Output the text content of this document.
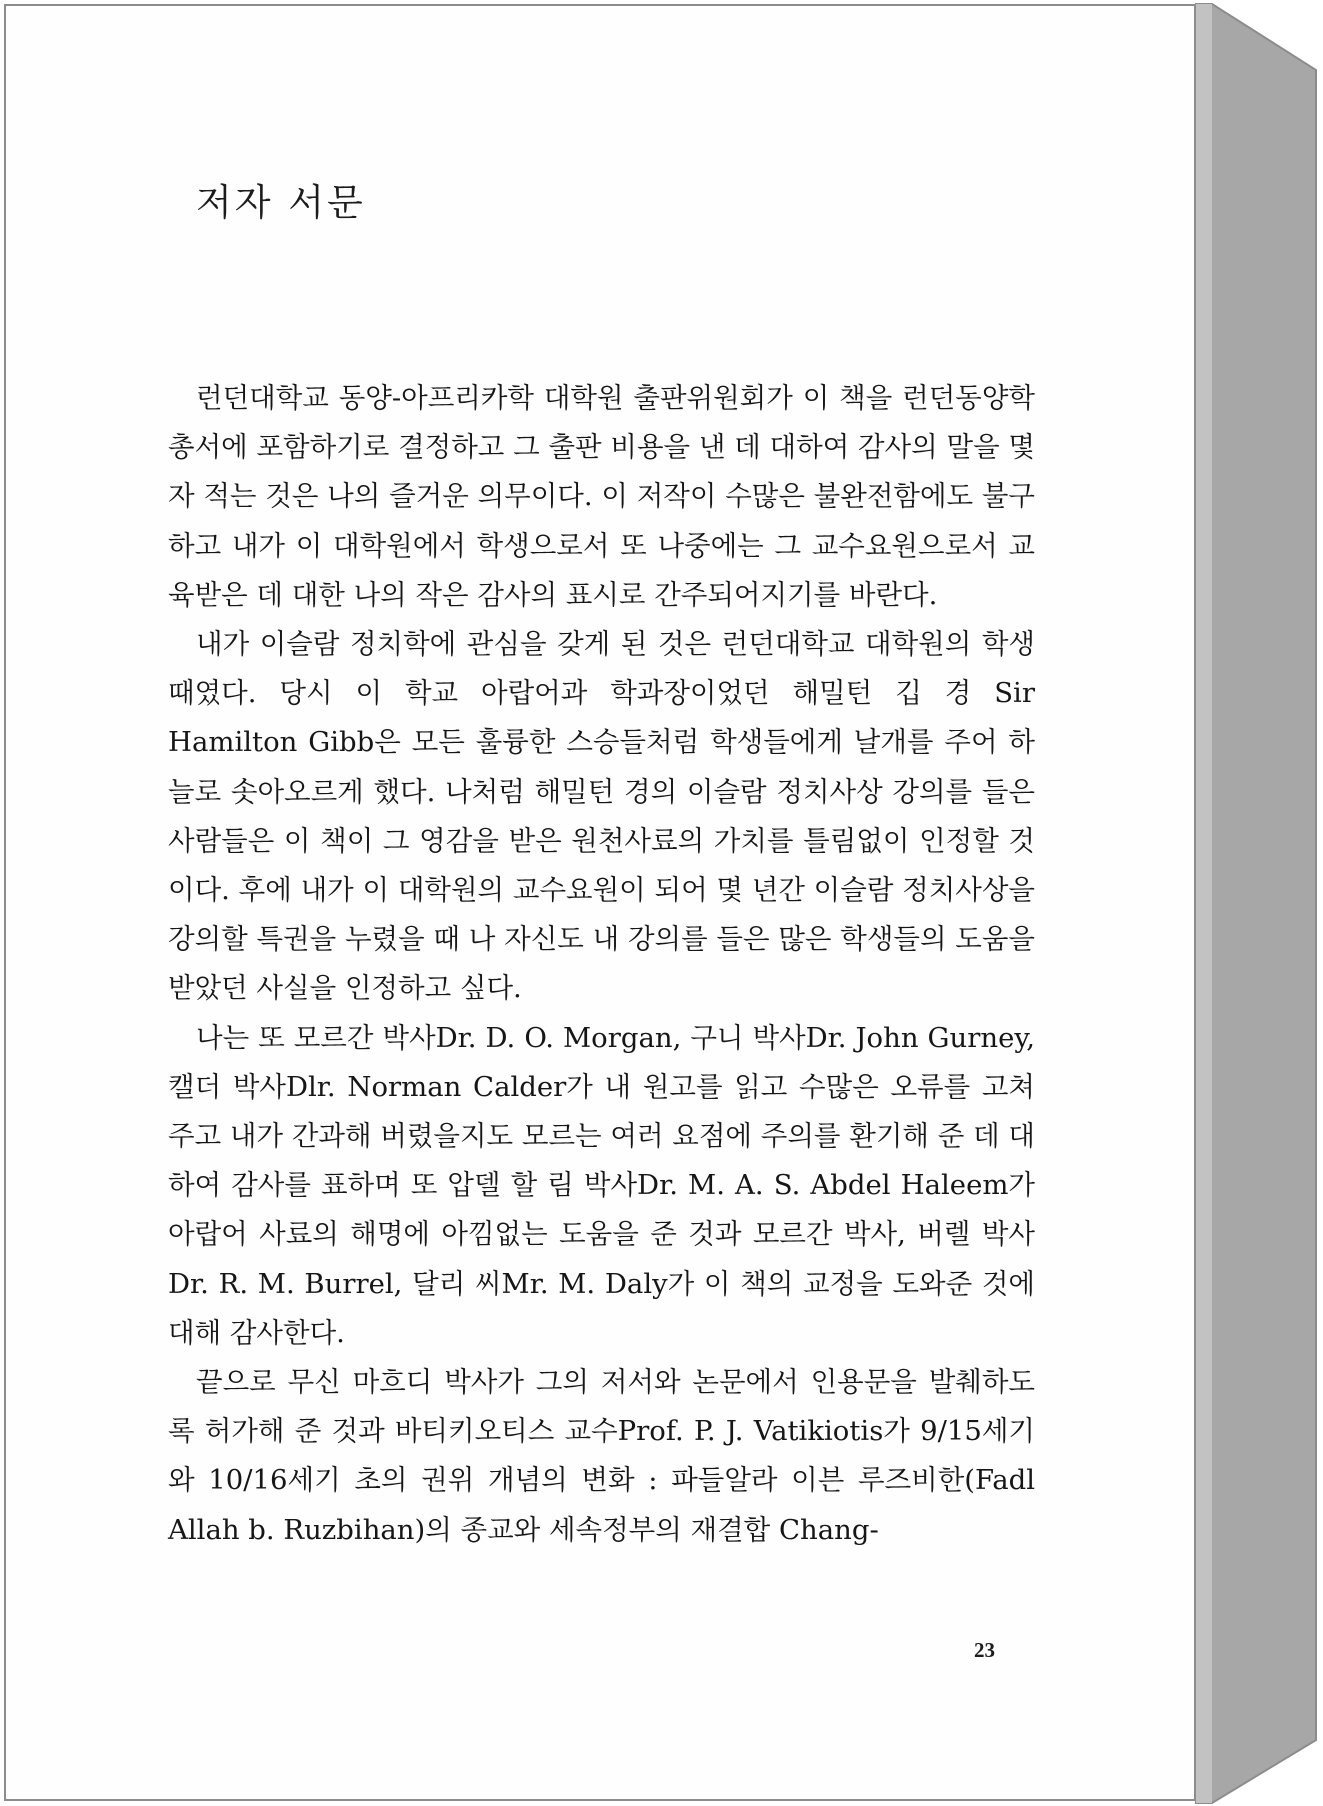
저자 서문

런던대학교 동양-아프리카학 대학원 출판위원회가 이 책을 런던동양학 총서에 포함하기로 결정하고 그 출판 비용을 낸 데 대하여 감사의 말을 몇 자 적는 것은 나의 즐거운 의무이다. 이 저작이 수많은 불완전함에도 불구하고 내가 이 대학원에서 학생으로서 또 나중에는 그 교수요원으로서 교육받은 데 대한 나의 작은 감사의 표시로 간주되어지기를 바란다.

내가 이슬람 정치학에 관심을 갖게 된 것은 런던대학교 대학원의 학생 때였다. 당시 이 학교 아랍어과 학과장이었던 해밀턴 깁 경 Sir Hamilton Gibb은 모든 훌륭한 스승들처럼 학생들에게 날개를 주어 하늘로 솟아오르게 했다. 나처럼 해밀턴 경의 이슬람 정치사상 강의를 들은 사람들은 이 책이 그 영감을 받은 원천사료의 가치를 틀림없이 인정할 것이다. 후에 내가 이 대학원의 교수요원이 되어 몇 년간 이슬람 정치사상을 강의할 특권을 누렸을 때 나 자신도 내 강의를 들은 많은 학생들의 도움을 받았던 사실을 인정하고 싶다.

나는 또 모르간 박사Dr. D. O. Morgan, 구니 박사Dr. John Gurney, 캘더 박사Dlr. Norman Calder가 내 원고를 읽고 수많은 오류를 고쳐 주고 내가 간과해 버렸을지도 모르는 여러 요점에 주의를 환기해 준 데 대하여 감사를 표하며 또 압델 할 림 박사Dr. M. A. S. Abdel Haleem가 아랍어 사료의 해명에 아낌없는 도움을 준 것과 모르간 박사, 버렐 박사Dr. R. M. Burrel, 달리 씨Mr. M. Daly가 이 책의 교정을 도와준 것에 대해 감사한다.

끝으로 무신 마흐디 박사가 그의 저서와 논문에서 인용문을 발췌하도록 허가해 준 것과 바티키오티스 교수Prof. P. J. Vatikiotis가 9/15세기와 10/16세기 초의 권위 개념의 변화 : 파들알라 이븐 루즈비한(Fadl Allah b. Ruzbihan)의 종교와 세속정부의 재결합 Chang-

23
